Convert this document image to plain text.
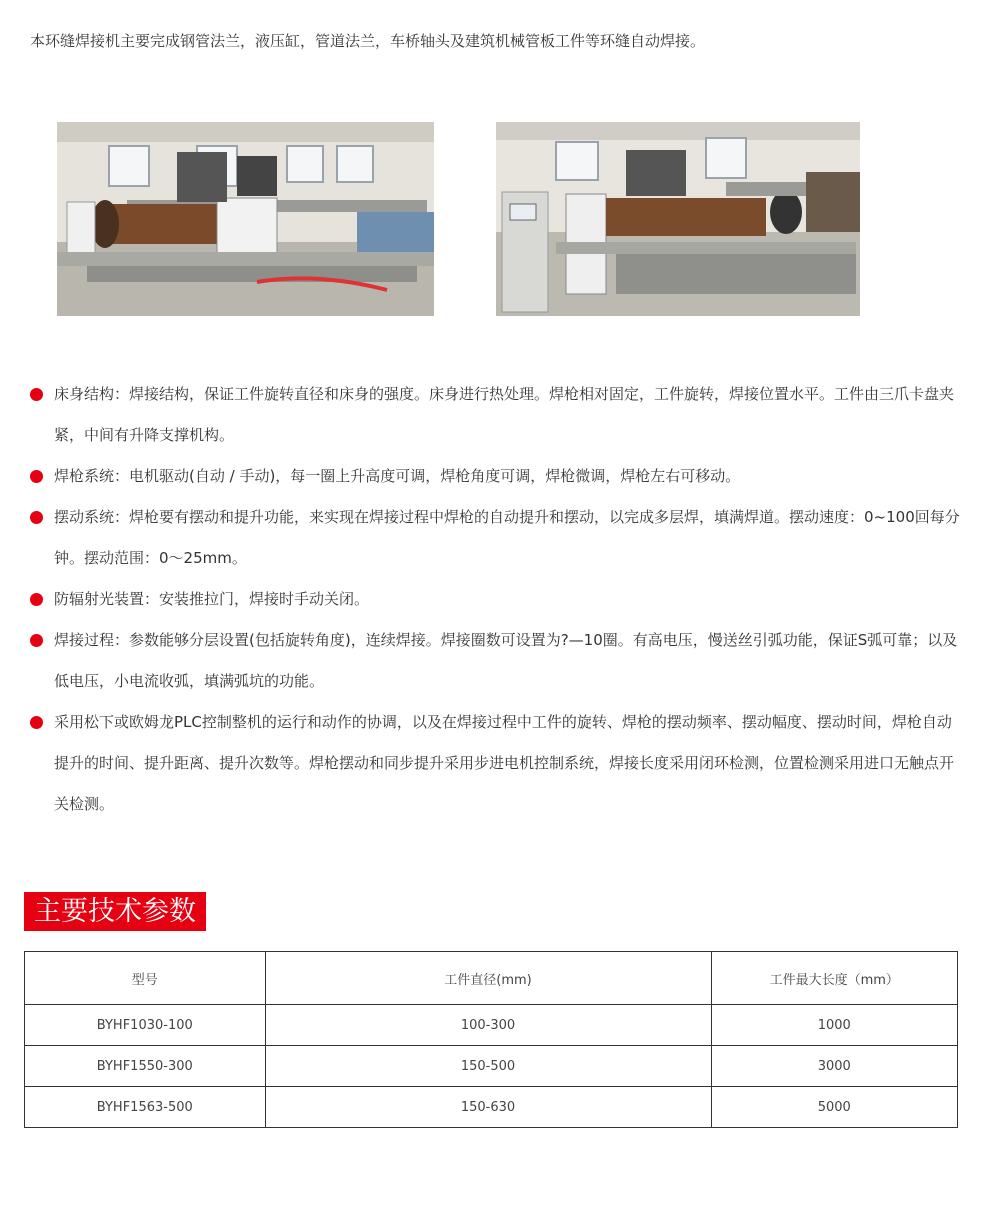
本环缝焊接机主要完成钢管法兰，液压缸，管道法兰，车桥轴头及建筑机械管板工件等环缝自动焊接。

床身结构：焊接结构，保证工件旋转直径和床身的强度。床身进行热处理。焊枪相对固定，工件旋转，焊接位置水平。工件由三爪卡盘夹紧，中间有升降支撑机构。
焊枪系统：电机驱动(自动 / 手动)，每一圈上升高度可调，焊枪角度可调，焊枪微调，焊枪左右可移动。
摆动系统：焊枪要有摆动和提升功能，来实现在焊接过程中焊枪的自动提升和摆动，以完成多层焊，填满焊道。摆动速度：0~100回每分钟。摆动范围：0～25mm。
防辐射光装置：安装推拉门，焊接时手动关闭。
焊接过程：参数能够分层设置(包括旋转角度)，连续焊接。焊接圈数可设置为?—10圈。有高电压，慢送丝引弧功能，保证S弧可靠；以及低电压，小电流收弧，填满弧坑的功能。
采用松下或欧姆龙PLC控制整机的运行和动作的协调，以及在焊接过程中工件的旋转、焊枪的摆动频率、摆动幅度、摆动时间，焊枪自动提升的时间、提升距离、提升次数等。焊枪摆动和同步提升采用步进电机控制系统，焊接长度采用闭环检测，位置检测采用进口无触点开关检测。
主要技术参数
型号	工件直径(mm)	工件最大长度（mm）
BYHF1030-100	100-300	1000
BYHF1550-300	150-500	3000
BYHF1563-500	150-630	5000
